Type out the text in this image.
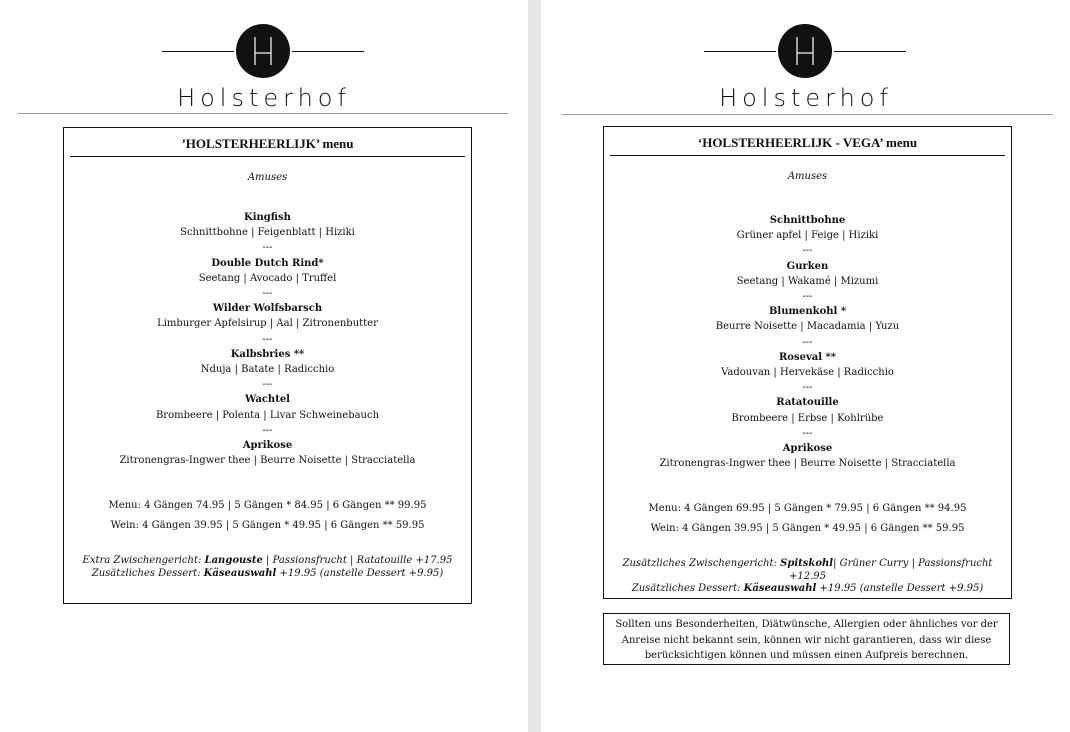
Holsterhof
’HOLSTERHEERLIJK’ menu
Amuses
Kingfish
Schnittbohne | Feigenblatt | Hiziki
---
Double Dutch Rind*
Seetang | Avocado | Truffel
---
Wilder Wolfsbarsch
Limburger Apfelsirup | Aal | Zitronenbutter
---
Kalbsbries **
Nduja | Batate | Radicchio
---
Wachtel
Brombeere | Polenta | Livar Schweinebauch
---
Aprikose
Zitronengras-Ingwer thee | Beurre Noisette | Stracciatella
Menu: 4 Gängen 74.95 | 5 Gängen * 84.95 | 6 Gängen ** 99.95
Wein: 4 Gängen 39.95 | 5 Gängen * 49.95 | 6 Gängen ** 59.95
Extra Zwischengericht: Langouste | Passionsfrucht | Ratatouille +17.95
Zusätzliches Dessert: Käseauswahl +19.95 (anstelle Dessert +9.95)
Holsterhof
‘HOLSTERHEERLIJK - VEGA’ menu
Amuses
Schnittbohne
Grüner apfel | Feige | Hiziki
---
Gurken
Seetang | Wakamé | Mizumi
---
Blumenkohl *
Beurre Noisette | Macadamia | Yuzu
---
Roseval **
Vadouvan | Hervekäse | Radicchio
---
Ratatouille
Brombeere | Erbse | Kohlrübe
---
Aprikose
Zitronengras-Ingwer thee | Beurre Noisette | Stracciatella
Menu: 4 Gängen 69.95 | 5 Gängen * 79.95 | 6 Gängen ** 94.95
Wein: 4 Gängen 39.95 | 5 Gängen * 49.95 | 6 Gängen ** 59.95
Zusätzliches Zwischengericht: Spitskohl| Grüner Curry | Passionsfrucht +12.95
Zusätzliches Dessert: Käseauswahl +19.95 (anstelle Dessert +9.95)
Sollten uns Besonderheiten, Diätwünsche, Allergien oder ähnliches vor der Anreise nicht bekannt sein, können wir nicht garantieren, dass wir diese berücksichtigen können und müssen einen Aufpreis berechnen.
